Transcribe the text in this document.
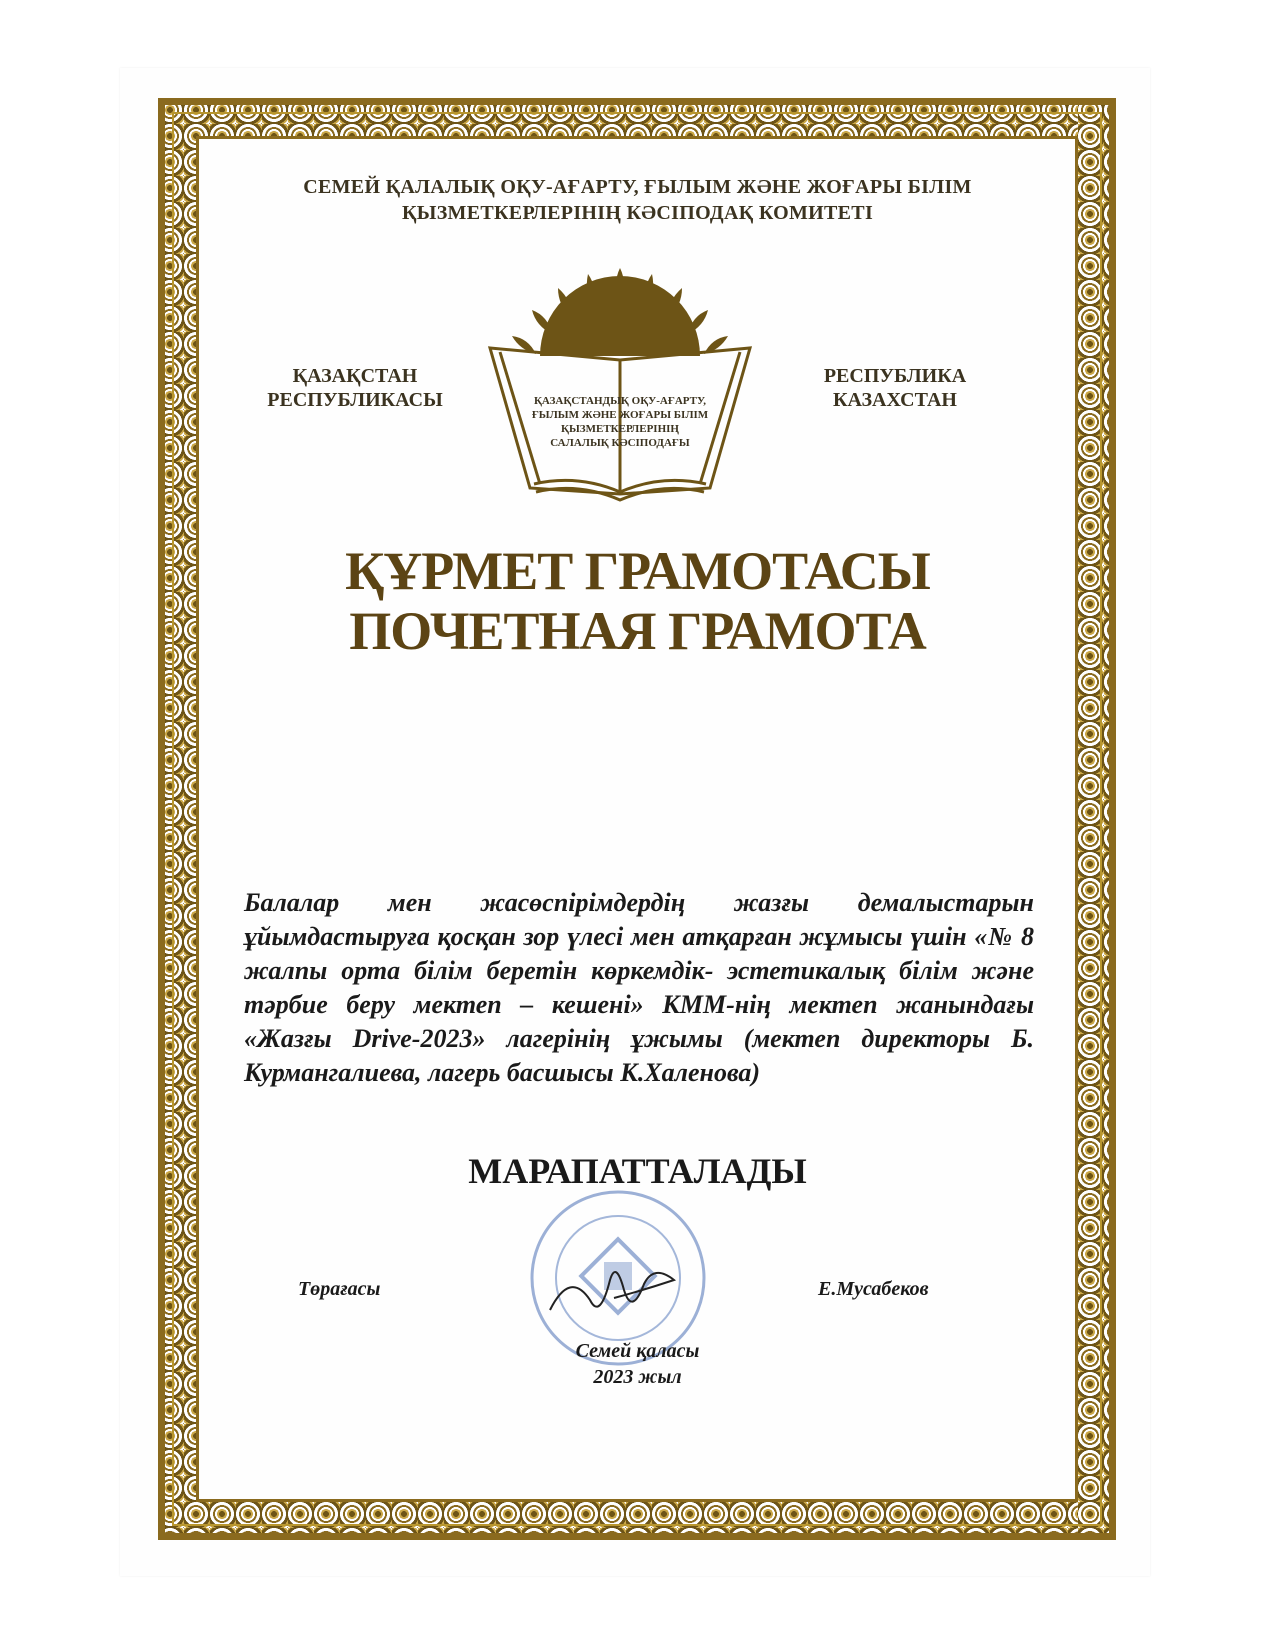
СЕМЕЙ ҚАЛАЛЫҚ ОҚУ-АҒАРТУ, ҒЫЛЫМ ЖӘНЕ ЖОҒАРЫ БІЛІМ

ҚЫЗМЕТКЕРЛЕРІНІҢ КӘСІПОДАҚ КОМИТЕТІ

ҚАЗАҚСТАН
РЕСПУБЛИКАСЫ
РЕСПУБЛИКА
КАЗАХСТАН
ҚАЗАҚСТАНДЫҚ ОҚУ-АҒАРТУ,
ҒЫЛЫМ ЖӘНЕ ЖОҒАРЫ БІЛІМ
ҚЫЗМЕТКЕРЛЕРІНІҢ
САЛАЛЫҚ КӘСІПОДАҒЫ

ҚҰРМЕТ ГРАМОТАСЫ

ПОЧЕТНАЯ ГРАМОТА

Балалар мен жасөспірімдердің жазғы демалыстарын ұйымдастыруға қосқан зор үлесі мен атқарған жұмысы үшін «№ 8 жалпы орта білім беретін көркемдік- эстетикалық білім және тәрбие беру мектеп – кешені» КММ-нің мектеп жанындағы «Жазғы Drive-2023» лагерінің ұжымы (мектеп директоры Б. Курмангалиева, лагерь басшысы К.Халенова)

МАРАПАТТАЛАДЫ

Төрағасы	Е.Мусабеков

Семей қаласы

2023 жыл
